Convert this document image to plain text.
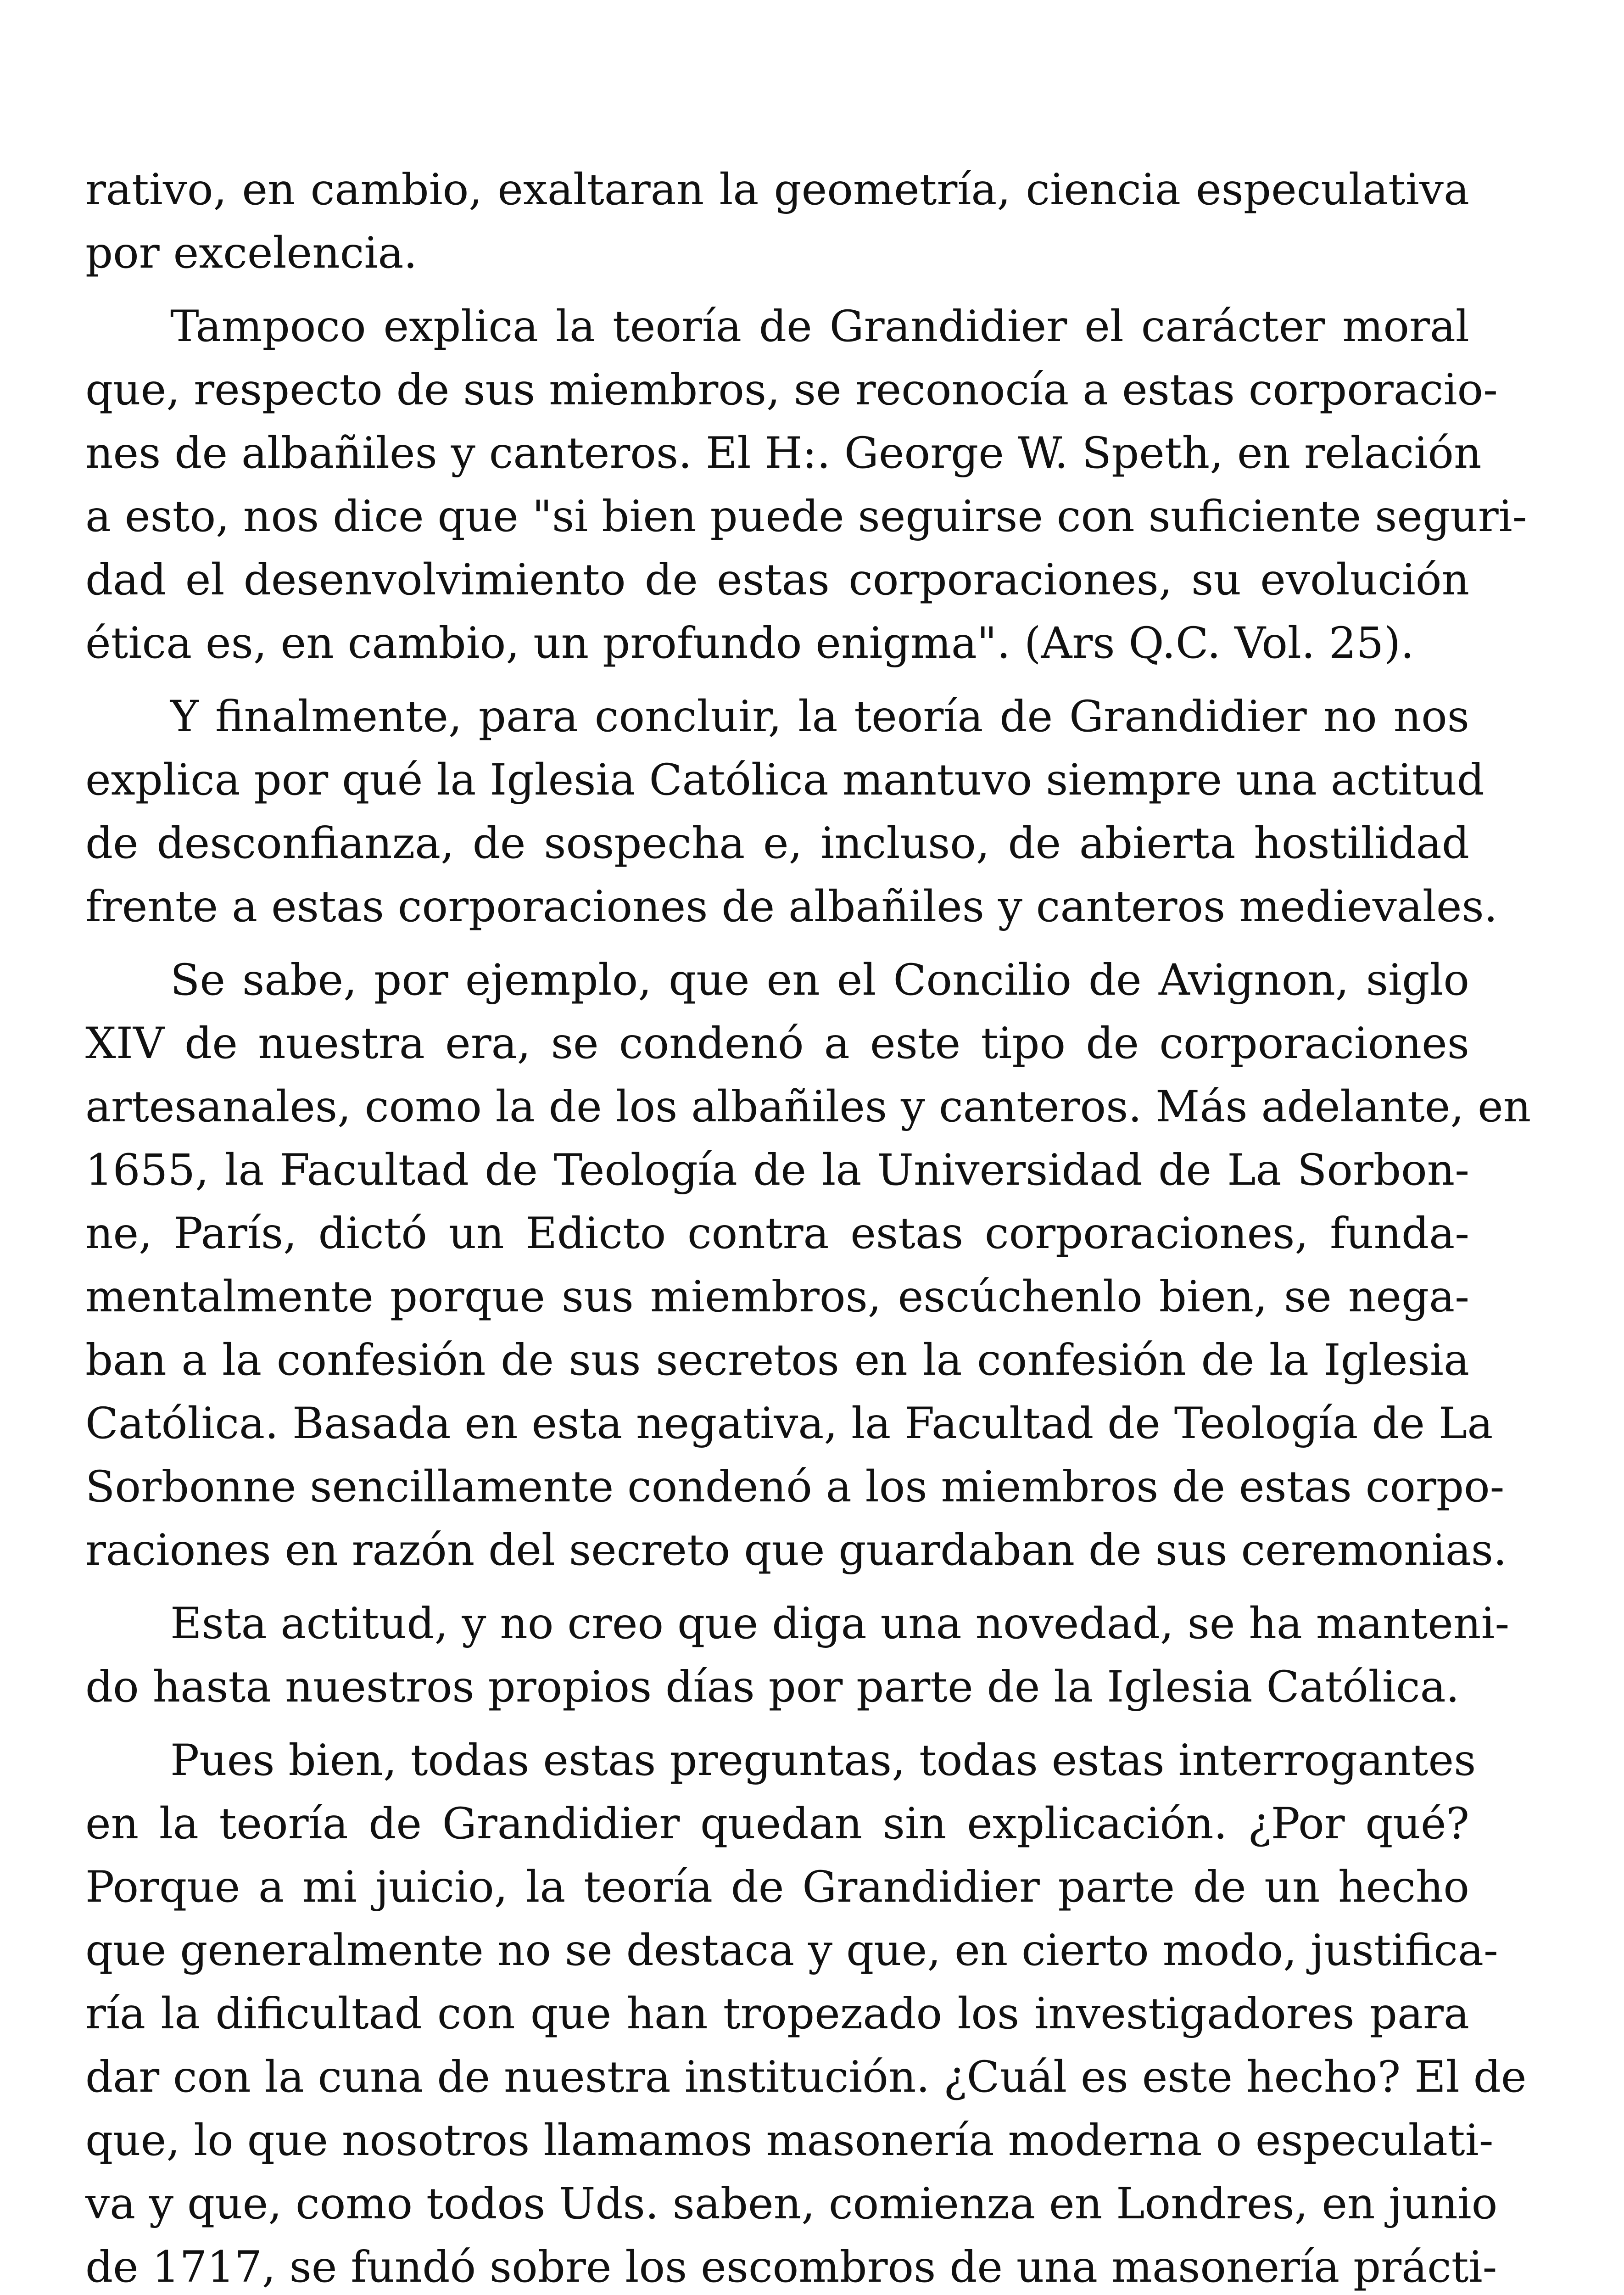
rativo, en cambio, exaltaran la geometría, ciencia especulativa
por excelencia.
Tampoco explica la teoría de Grandidier el carácter moral
que, respecto de sus miembros, se reconocía a estas corporacio-
nes de albañiles y canteros. El H:. George W. Speth, en relación
a esto, nos dice que "si bien puede seguirse con suficiente seguri-
dad el desenvolvimiento de estas corporaciones, su evolución
ética es, en cambio, un profundo enigma". (Ars Q.C. Vol. 25).
Y finalmente, para concluir, la teoría de Grandidier no nos
explica por qué la Iglesia Católica mantuvo siempre una actitud
de desconfianza, de sospecha e, incluso, de abierta hostilidad
frente a estas corporaciones de albañiles y canteros medievales.
Se sabe, por ejemplo, que en el Concilio de Avignon, siglo
XIV de nuestra era, se condenó a este tipo de corporaciones
artesanales, como la de los albañiles y canteros. Más adelante, en
1655, la Facultad de Teología de la Universidad de La Sorbon-
ne, París, dictó un Edicto contra estas corporaciones, funda-
mentalmente porque sus miembros, escúchenlo bien, se nega-
ban a la confesión de sus secretos en la confesión de la Iglesia
Católica. Basada en esta negativa, la Facultad de Teología de La
Sorbonne sencillamente condenó a los miembros de estas corpo-
raciones en razón del secreto que guardaban de sus ceremonias.
Esta actitud, y no creo que diga una novedad, se ha manteni-
do hasta nuestros propios días por parte de la Iglesia Católica.
Pues bien, todas estas preguntas, todas estas interrogantes
en la teoría de Grandidier quedan sin explicación. ¿Por qué?
Porque a mi juicio, la teoría de Grandidier parte de un hecho
que generalmente no se destaca y que, en cierto modo, justifica-
ría la dificultad con que han tropezado los investigadores para
dar con la cuna de nuestra institución. ¿Cuál es este hecho? El de
que, lo que nosotros llamamos masonería moderna o especulati-
va y que, como todos Uds. saben, comienza en Londres, en junio
de 1717, se fundó sobre los escombros de una masonería prácti-
